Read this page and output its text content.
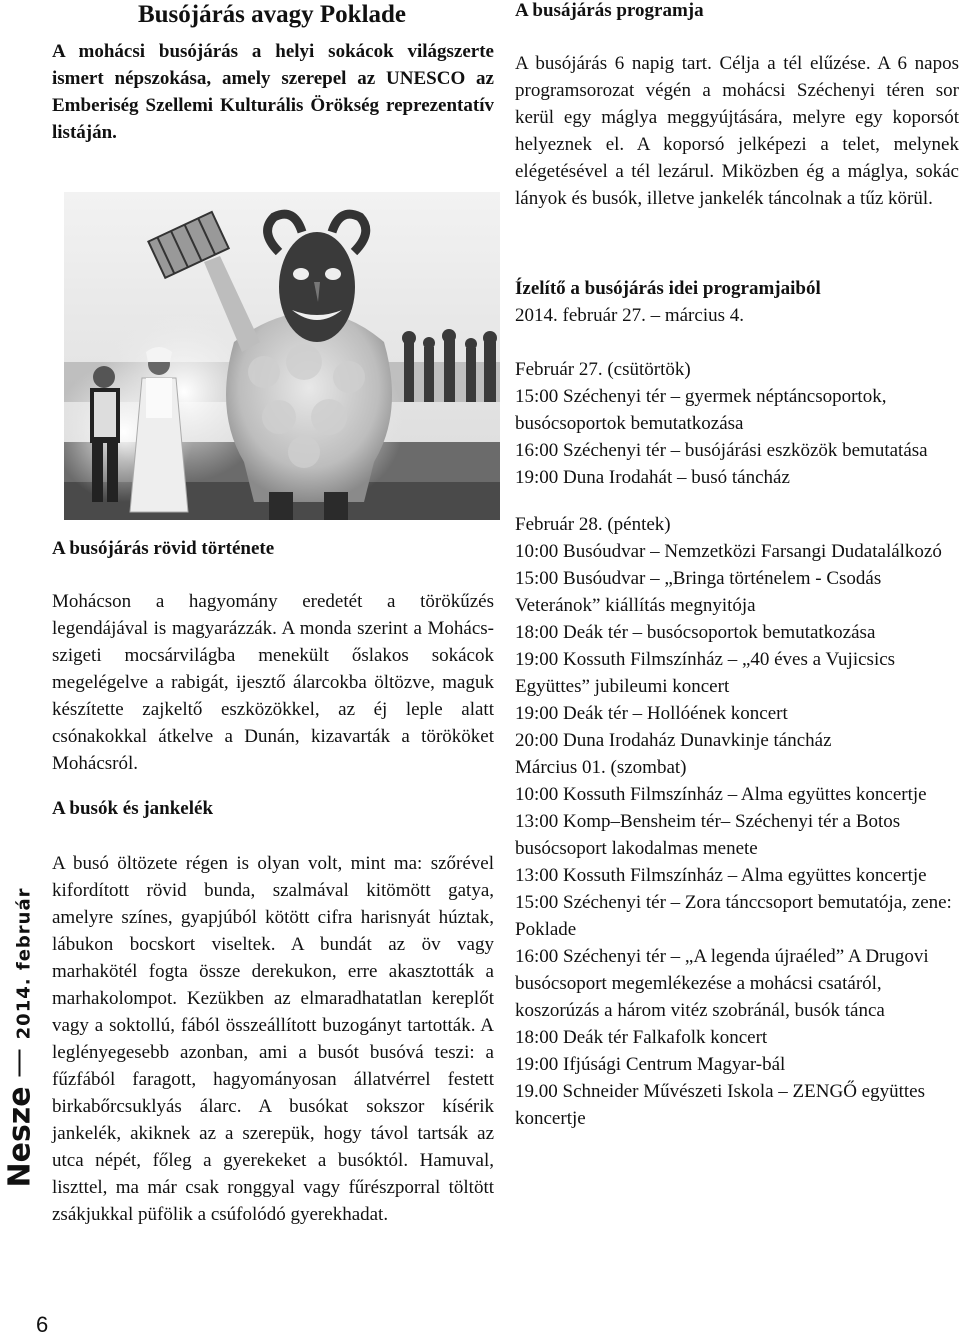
Busójárás avagy Poklade
A mohácsi busójárás a helyi sokácok világszerte ismert népszokása, amely szerepel az UNESCO az Emberiség Szellemi Kulturális Örökség reprezentatív listáján.
A busójárás rövid története

Mohácson a hagyomány eredetét a törökűzés legendájával is magyarázzák. A monda szerint a Mohács-szigeti mocsárvilágba menekült őslakos sokácok megelégelve a rabigát, ijesztő álarcokba öltözve, maguk készítette zajkeltő eszközökkel, az éj leple alatt csónakokkal átkelve a Dunán, kizavarták a törököket Mohácsról.

A busók és jankelék

A busó öltözete régen is olyan volt, mint ma: szőrével kifordított rövid bunda, szalmával kitömött gatya, amelyre színes, gyapjúból kötött cifra harisnyát húztak, lábukon bocskort viseltek. A bundát az öv vagy marhakötél fogta össze derekukon, erre akasztották a marhakolompot. Kezükben az elmaradhatatlan kereplőt vagy a soktollú, fából összeállított buzogányt tartották. A leglényegesebb azonban, ami a busót busóvá teszi: a fűzfából faragott, hagyományosan állatvérrel festett birkabőrcsuklyás álarc. A busókat sokszor kísérik jankelék, akiknek az a szerepük, hogy távol tartsák az utca népét, főleg a gyerekeket a busóktól. Hamuval, liszttel, ma már csak ronggyal vagy fűrészporral töltött zsákjukkal püfölik a csúfolódó gyerekhadat.

Nesze
2014. február
6
A busájárás programja

A busójárás 6 napig tart. Célja a tél elűzése. A 6 napos programsorozat végén a mohácsi Széchenyi téren sor kerül egy máglya meggyújtására, melyre egy koporsót helyeznek el. A koporsó jelképezi a telet, melynek elégetésével a tél lezárul. Miközben ég a máglya, sokác lányok és busók, illetve jankelék táncolnak a tűz körül.

Ízelítő a busójárás idei programjaiból
2014. február 27. – március 4.

Február 27. (csütörtök)

15:00 Széchenyi tér – gyermek néptáncsoportok, busócsoportok bemutatkozása

16:00 Széchenyi tér – busójárási eszközök bemutatása

19:00 Duna Irodahát – busó táncház

Február 28. (péntek)

10:00 Busóudvar – Nemzetközi Farsangi Dudatalálkozó

15:00 Busóudvar – „Bringa történelem - Csodás Veteránok” kiállítás megnyitója

18:00 Deák tér – busócsoportok bemutatkozása

19:00 Kossuth Filmszínház – „40 éves a Vujicsics Együttes” jubileumi koncert

19:00 Deák tér – Hollóének koncert

20:00 Duna Irodaház Dunavkinje táncház

Március 01. (szombat)

10:00 Kossuth Filmszínház – Alma együttes koncertje

13:00 Komp–Bensheim tér– Széchenyi tér a Botos busócsoport lakodalmas menete

13:00 Kossuth Filmszínház – Alma együttes koncertje

15:00 Széchenyi tér – Zora tánccsoport bemutatója, zene: Poklade

16:00 Széchenyi tér – „A legenda újraéled” A Drugovi busócsoport megemlékezése a mohácsi csatáról, koszorúzás a három vitéz szobránál, busók tánca

18:00 Deák tér Falkafolk koncert

19:00 Ifjúsági Centrum Magyar-bál

19.00 Schneider Művészeti Iskola – ZENGŐ együttes koncertje
